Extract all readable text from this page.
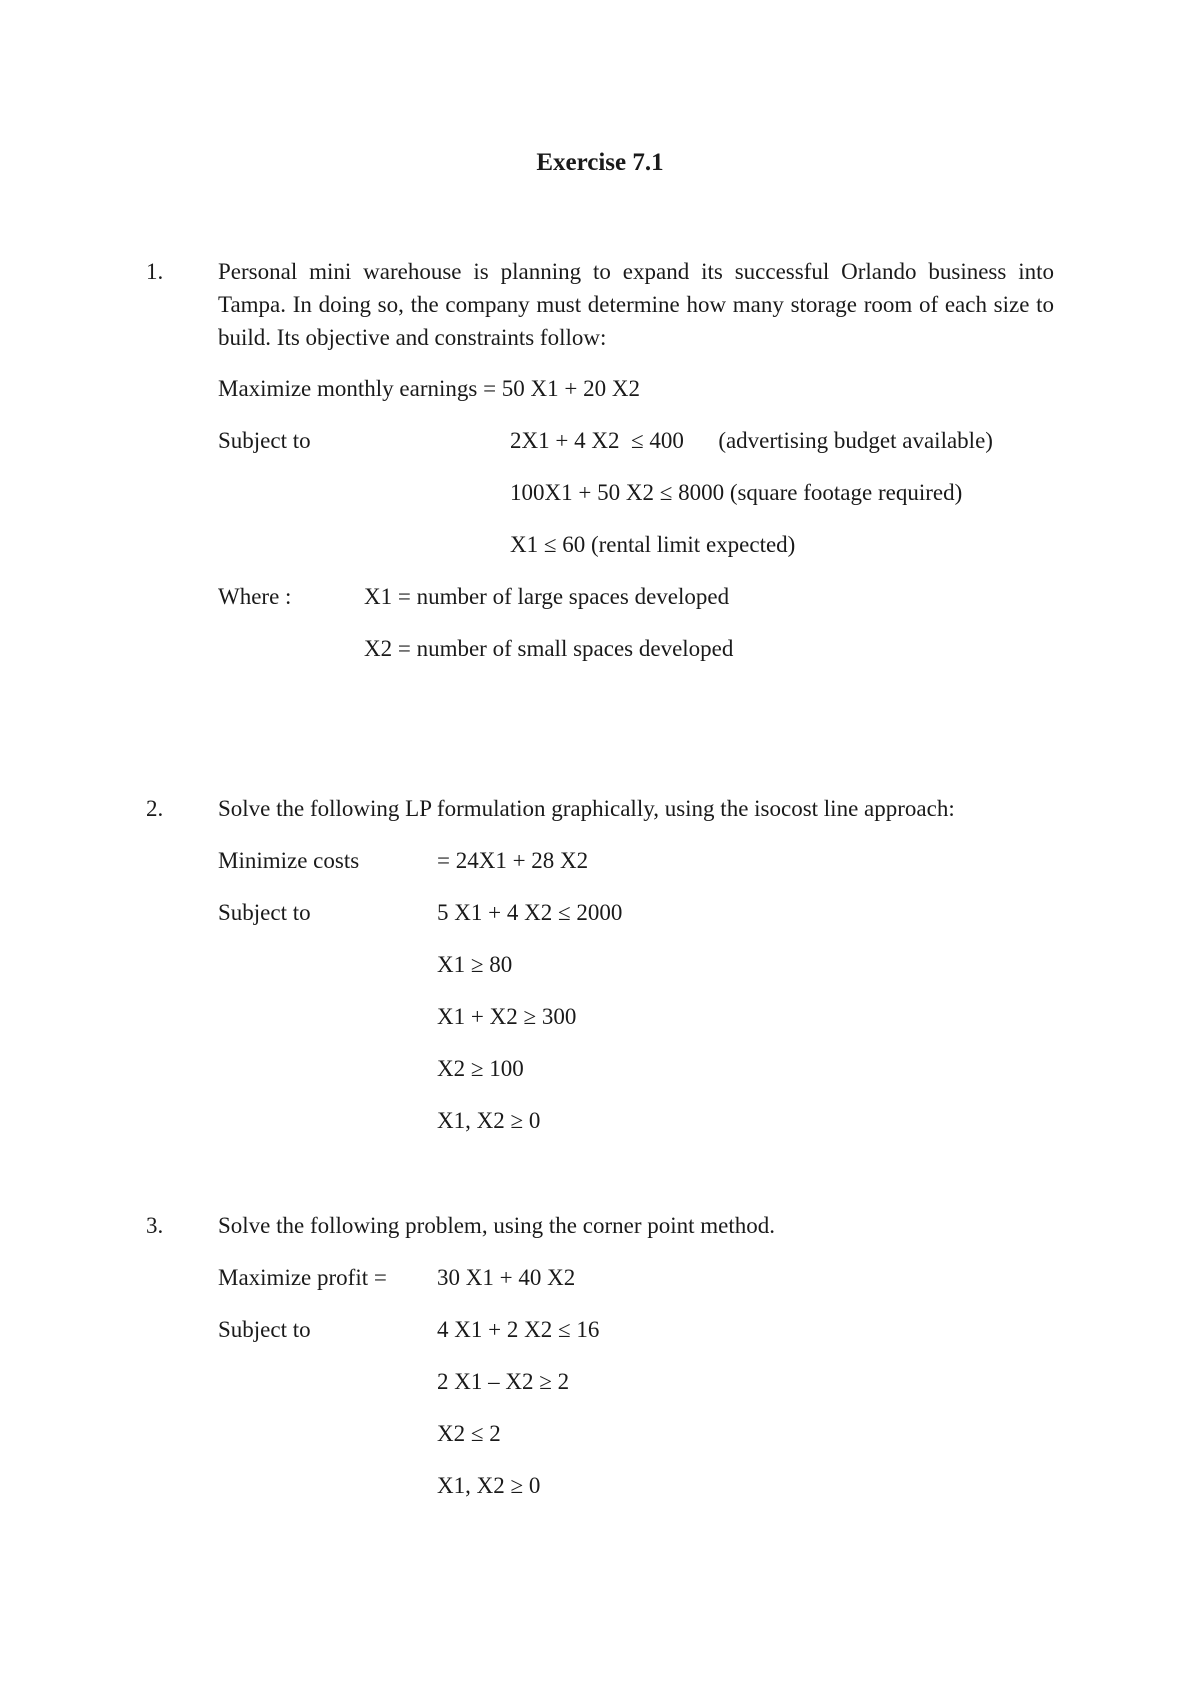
Exercise 7.1
1. Personal mini warehouse is planning to expand its successful Orlando business into Tampa. In doing so, the company must determine how many storage room of each size to build. Its objective and constraints follow:
Maximize monthly earnings = 50 X1 + 20 X2
Subject to	2X1 + 4 X2  ≤ 400      (advertising budget available)
100X1 + 50 X2 ≤ 8000 (square footage required)
X1 ≤ 60 (rental limit expected)
Where :	X1 = number of large spaces developed
X2 = number of small spaces developed
2. Solve the following LP formulation graphically, using the isocost line approach:
Minimize costs	= 24X1 + 28 X2
Subject to	5 X1 + 4 X2 ≤ 2000
X1 ≥ 80
X1 + X2 ≥ 300
X2 ≥ 100
X1, X2 ≥ 0
3. Solve the following problem, using the corner point method.
Maximize profit = 30 X1 + 40 X2
Subject to	4 X1 + 2 X2 ≤ 16
2 X1 – X2 ≥ 2
X2 ≤ 2
X1, X2 ≥ 0
